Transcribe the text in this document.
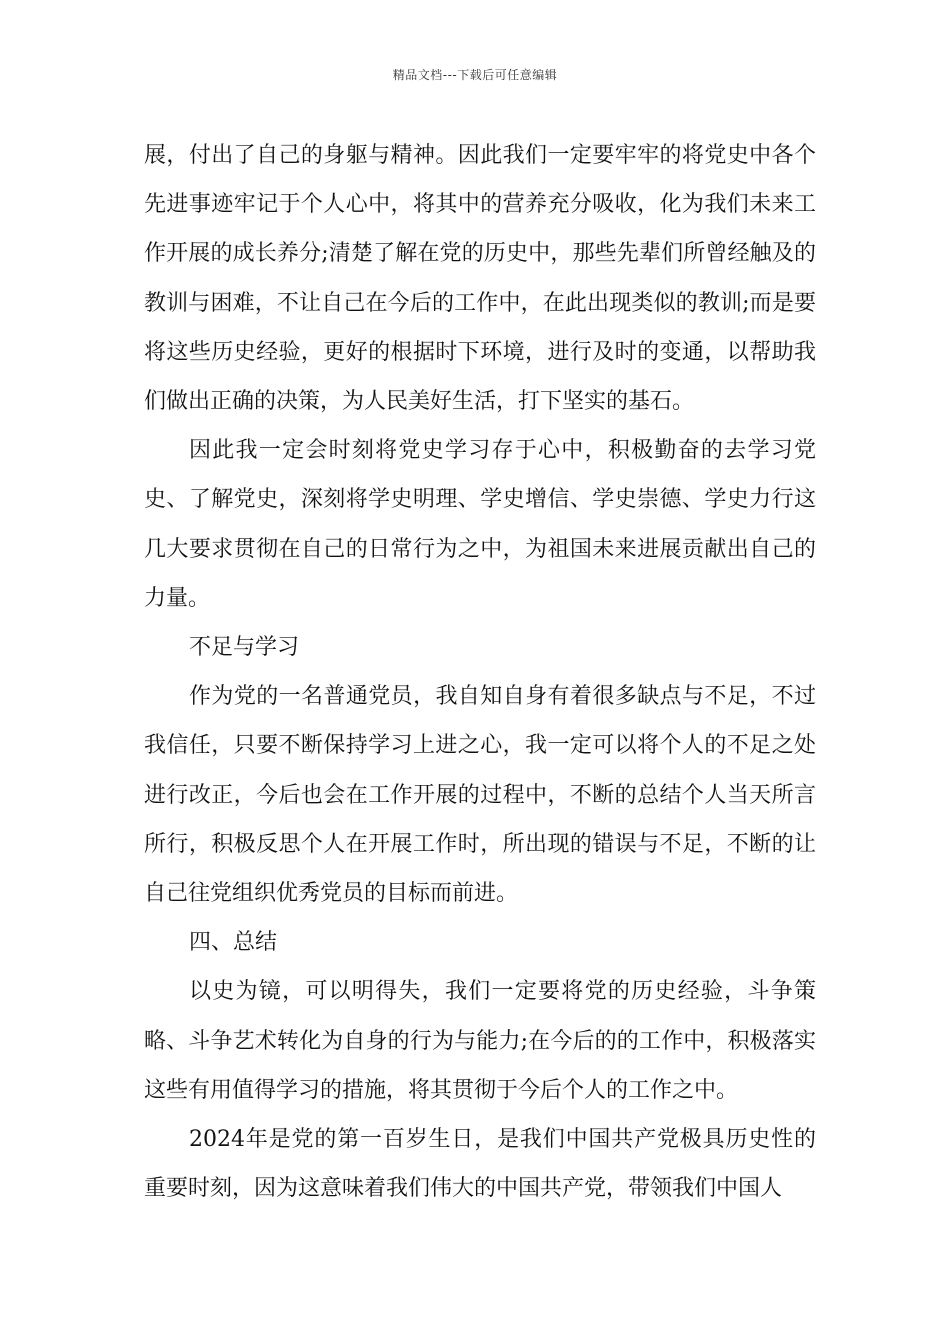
精品文档---下载后可任意编辑

展，付出了自己的身躯与精神。因此我们一定要牢牢的将党史中各个先进事迹牢记于个人心中，将其中的营养充分吸收，化为我们未来工作开展的成长养分;清楚了解在党的历史中，那些先辈们所曾经触及的教训与困难，不让自己在今后的工作中，在此出现类似的教训;而是要将这些历史经验，更好的根据时下环境，进行及时的变通，以帮助我们做出正确的决策，为人民美好生活，打下坚实的基石。

因此我一定会时刻将党史学习存于心中，积极勤奋的去学习党史、了解党史，深刻将学史明理、学史增信、学史崇德、学史力行这几大要求贯彻在自己的日常行为之中，为祖国未来进展贡献出自己的力量。

不足与学习

作为党的一名普通党员，我自知自身有着很多缺点与不足，不过我信任，只要不断保持学习上进之心，我一定可以将个人的不足之处进行改正，今后也会在工作开展的过程中，不断的总结个人当天所言所行，积极反思个人在开展工作时，所出现的错误与不足，不断的让自己往党组织优秀党员的目标而前进。

四、总结

以史为镜，可以明得失，我们一定要将党的历史经验，斗争策略、斗争艺术转化为自身的行为与能力;在今后的的工作中，积极落实这些有用值得学习的措施，将其贯彻于今后个人的工作之中。

2024年是党的第一百岁生日，是我们中国共产党极具历史性的重要时刻，因为这意味着我们伟大的中国共产党，带领我们中国人
